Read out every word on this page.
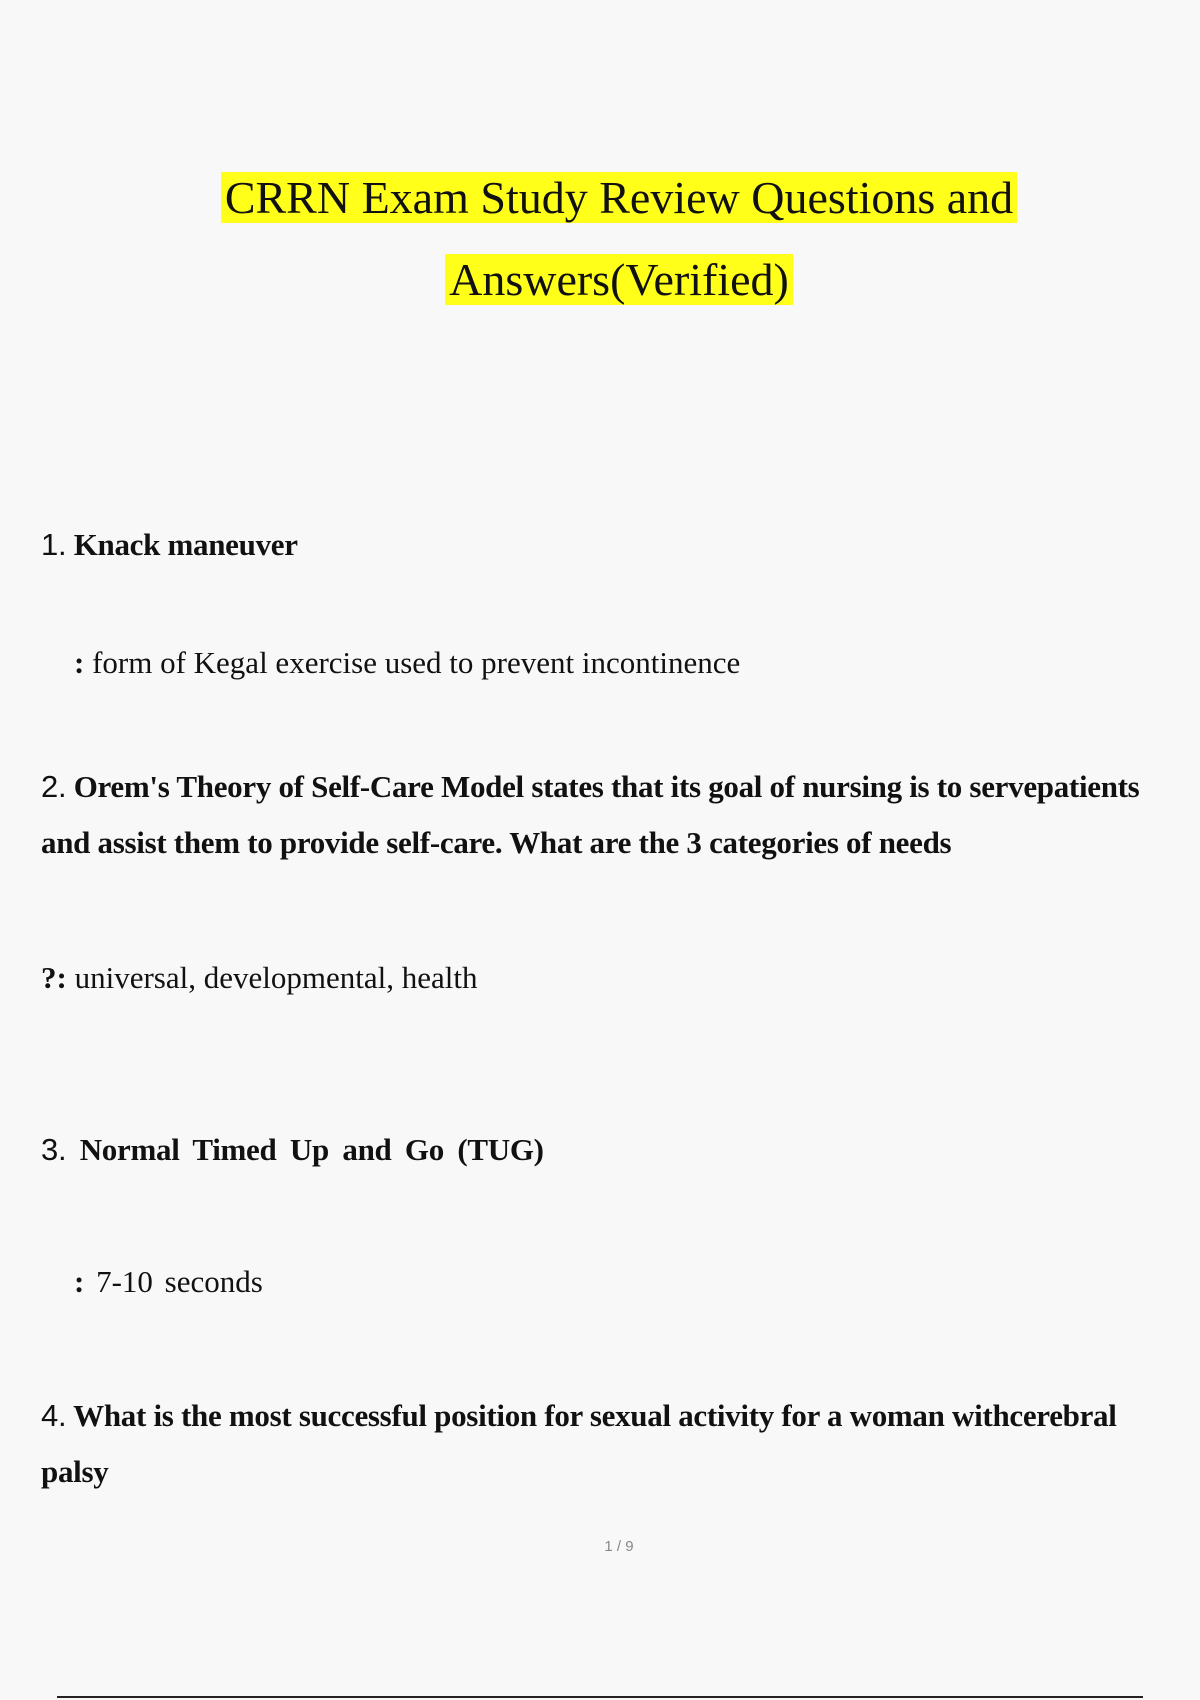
CRRN Exam Study Review Questions and
Answers(Verified)
1. Knack maneuver
: form of Kegal exercise used to prevent incontinence
2. Orem's Theory of Self-Care Model states that its goal of nursing is to servepatients and assist them to provide self-care. What are the 3 categories of needs
?: universal, developmental, health
3. Normal Timed Up and Go (TUG)
: 7-10 seconds
4. What is the most successful position for sexual activity for a woman withcerebral palsy
1 / 9
